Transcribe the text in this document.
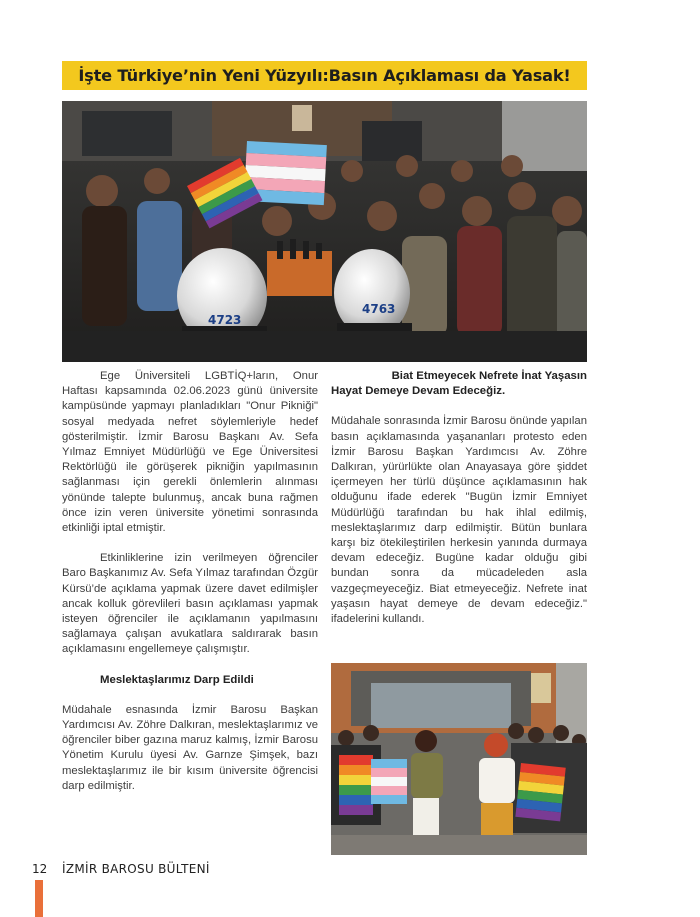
İşte Türkiye’nin Yeni Yüzyılı:Basın Açıklaması da Yasak!
4723
4763

Ege Üniversiteli LGBTİQ+ların, Onur Haftası kapsamında 02.06.2023 günü üniversite kampüsünde yapmayı planladıkları "Onur Pikniği" sosyal medyada nefret söylemleriyle hedef gösterilmiştir. İzmir Barosu Başkanı Av. Sefa Yılmaz Emniyet Müdürlüğü ve Ege Üniversitesi Rektörlüğü ile görüşerek pikniğin yapılmasının sağlanması için gerekli önlemlerin alınması yönünde talepte bulunmuş, ancak buna rağmen önce izin veren üniversite yönetimi sonrasında etkinliği iptal etmiştir.

Etkinliklerine izin verilmeyen öğrenciler Baro Başkanımız Av. Sefa Yılmaz tarafından Özgür Kürsü’de açıklama yapmak üzere davet edilmişler ancak kolluk görevlileri basın açıklaması yapmak isteyen öğrenciler ile açıklamanın yapılmasını sağlamaya çalışan avukatlara saldırarak basın açıklamasını engellemeye çalışmıştır.

Meslektaşlarımız Darp Edildi

Müdahale esnasında İzmir Barosu Başkan Yardımcısı Av. Zöhre Dalkıran, meslektaşlarımız ve öğrenciler biber gazına maruz kalmış, İzmir Barosu Yönetim Kurulu üyesi Av. Garnze Şimşek, bazı meslektaşlarımız ile bir kısım üniversite öğrencisi darp edilmiştir.

Biat Etmeyecek Nefrete İnat Yaşasın
Hayat Demeye Devam Edeceğiz.

Müdahale sonrasında İzmir Barosu önünde yapılan basın açıklamasında yaşananları protesto eden İzmir Barosu Başkan Yardımcısı Av. Zöhre Dalkıran, yürürlükte olan Anayasaya göre şiddet içermeyen her türlü düşünce açıklamasının hak olduğunu ifade ederek "Bugün İzmir Emniyet Müdürlüğü tarafından bu hak ihlal edilmiş, meslektaşlarımız darp edilmiştir. Bütün bunlara karşı biz ötekileştirilen herkesin yanında durmaya devam edeceğiz. Bugüne kadar olduğu gibi bundan sonra da mücadeleden asla vazgeçmeyeceğiz. Biat etmeyeceğiz. Nefrete inat yaşasın hayat demeye de devam edeceğiz." ifadelerini kullandı.

12 İZMİR BAROSU BÜLTENİ
